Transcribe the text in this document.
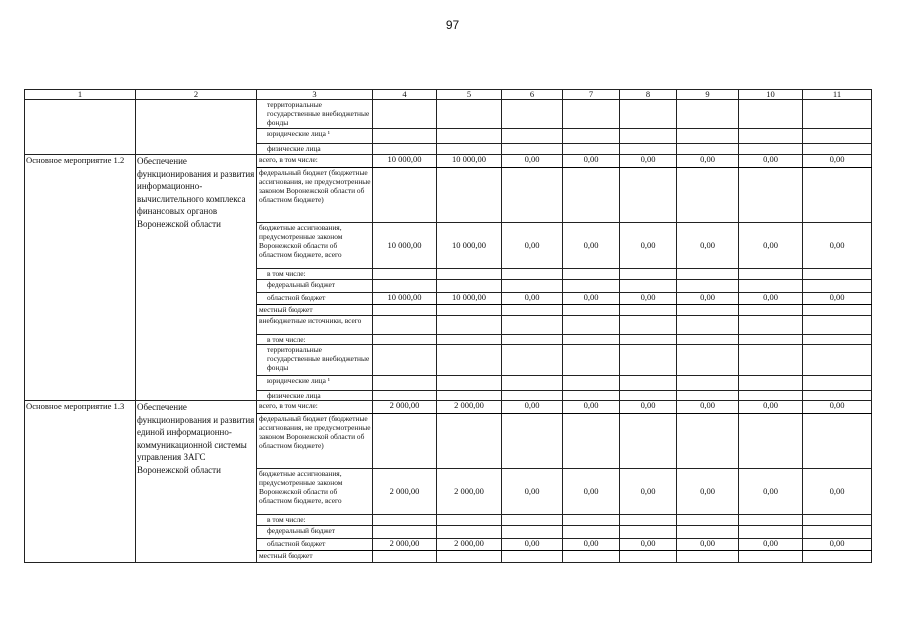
97
1	2	3	4	5	6	7	8	9	10	11
		территориальные государственные внебюджетные фонды								
		юридические лица ¹								
		физические лица								
Основное мероприятие 1.2	Обеспечение функционирования и развития информационно-вычислительного комплекса финансовых органов Воронежской области	всего, в том числе:	10 000,00	10 000,00	0,00	0,00	0,00	0,00	0,00	0,00
		федеральный бюджет (бюджетные ассигнования, не предусмотренные законом Воронежской области об областном бюджете)								
		бюджетные ассигнования, предусмотренные законом Воронежской области об областном бюджете, всего	10 000,00	10 000,00	0,00	0,00	0,00	0,00	0,00	0,00
		в том числе:								
		федеральный бюджет								
		областной бюджет	10 000,00	10 000,00	0,00	0,00	0,00	0,00	0,00	0,00
		местный бюджет								
		внебюджетные источники, всего								
		в том числе:								
		территориальные государственные внебюджетные фонды								
		юридические лица ¹								
		физические лица								
Основное мероприятие 1.3	Обеспечение функционирования и развития единой информационно-коммуникационной системы управления ЗАГС Воронежской области	всего, в том числе:	2 000,00	2 000,00	0,00	0,00	0,00	0,00	0,00	0,00
		федеральный бюджет (бюджетные ассигнования, не предусмотренные законом Воронежской области об областном бюджете)								
		бюджетные ассигнования, предусмотренные законом Воронежской области об областном бюджете, всего	2 000,00	2 000,00	0,00	0,00	0,00	0,00	0,00	0,00
		в том числе:								
		федеральный бюджет								
		областной бюджет	2 000,00	2 000,00	0,00	0,00	0,00	0,00	0,00	0,00
		местный бюджет								
